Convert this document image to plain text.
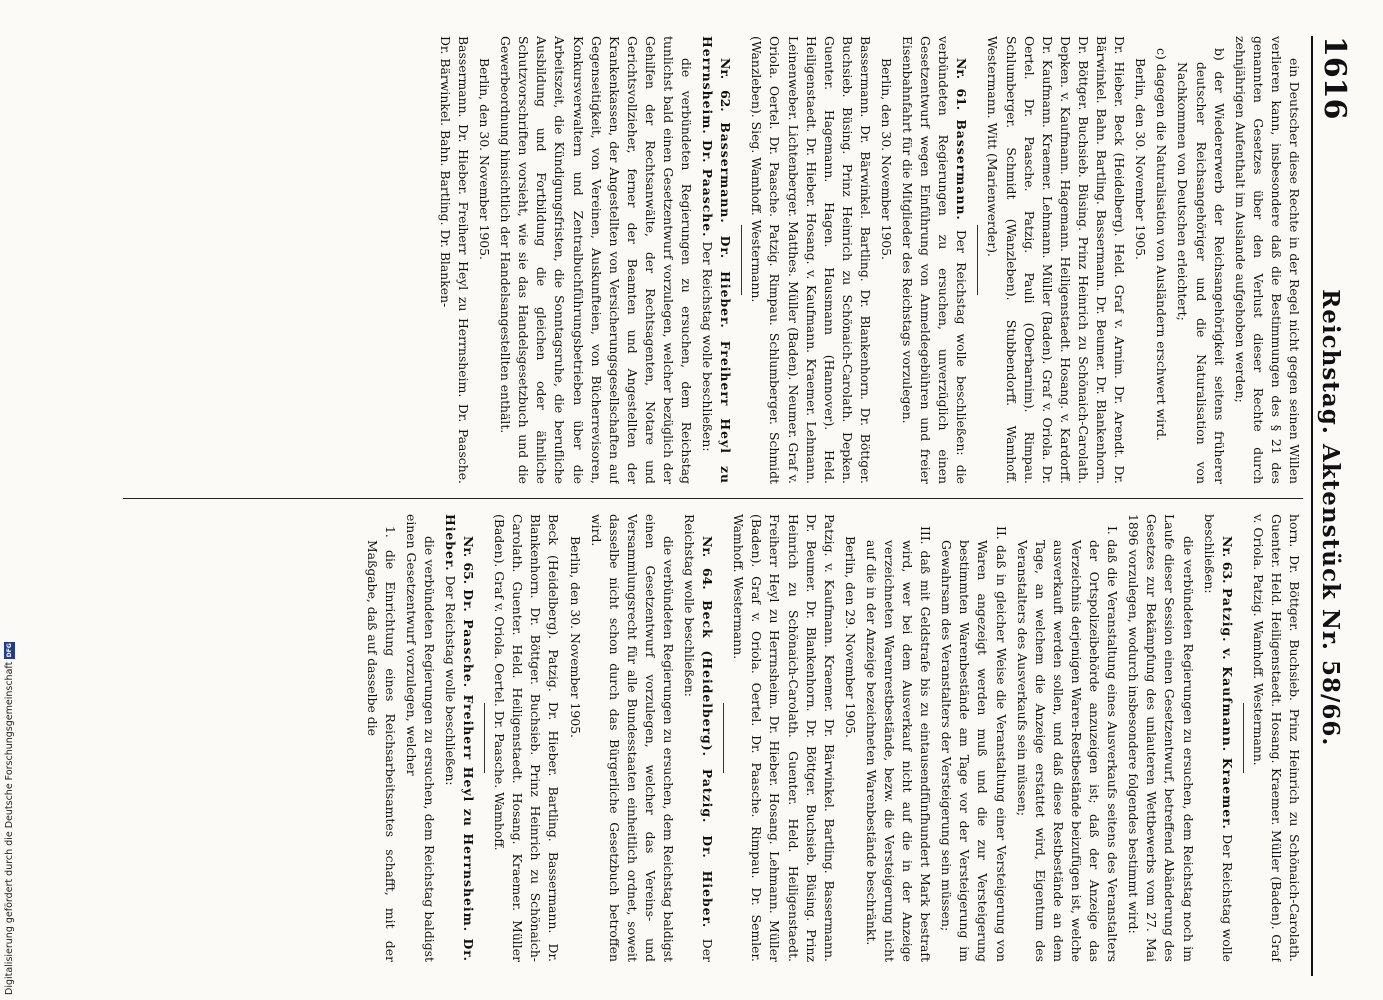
1616
Reichstag. Aktenstück Nr. 58/66.

ein Deutscher diese Rechte in der Regel nicht gegen seinen Willen verlieren kann, insbesondere daß die Bestimmungen des § 21 des genannten Gesetzes über den Verlust dieser Rechte durch zehnjährigen Aufenthalt im Auslande aufgehoben werden;

b) der Wiedererwerb der Reichsangehörigkeit seitens früherer deutscher Reichsangehöriger und die Naturalisation von Nachkommen von Deutschen erleichtert;

c) dagegen die Naturalisation von Ausländern erschwert wird.

Berlin, den 30. November 1905.

Dr. Hieber. Beck (Heidelberg). Held. Graf v. Arnim. Dr. Arendt. Dr. Bärwinkel. Bahn. Bartling. Bassermann. Dr. Beumer. Dr. Blankenhorn. Dr. Böttger. Buchsieb. Büsing. Prinz Heinrich zu Schönaich-Carolath. Depken. v. Kaufmann. Hagemann. Heiligenstaedt. Hosang. v. Kardorff. Dr. Kaufmann. Kraemer. Lehmann. Müller (Baden). Graf v. Oriola. Dr. Oertel. Dr. Paasche. Patzig. Pauli (Oberbarnim). Rimpau. Schlumberger. Schmidt (Wanzleben). Stubbendorff. Wamhoff. Westermann. Witt (Marienwerder).

Nr. 61. Bassermann. Der Reichstag wolle beschließen: die verbündeten Regierungen zu ersuchen, unverzüglich einen Gesetzentwurf wegen Einführung von Anmeldegebühren und freier Eisenbahnfahrt für die Mitglieder des Reichstags vorzulegen.

Berlin, den 30. November 1905.

Bassermann. Dr. Bärwinkel. Bartling. Dr. Blankenhorn. Dr. Böttger. Buchsieb. Büsing. Prinz Heinrich zu Schönaich-Carolath. Depken. Guenter. Hagemann. Hagen. Hausmann (Hannover). Held. Heiligenstaedt. Dr. Hieber. Hosang. v. Kaufmann. Kraemer. Lehmann. Leinenweber. Lichtenberger. Matthes. Müller (Baden). Neumer. Graf v. Oriola. Oertel. Dr. Paasche. Patzig. Rimpau. Schlumberger. Schmidt (Wanzleben). Sieg. Wamhoff. Westermann.

Nr. 62. Bassermann. Dr. Hieber. Freiherr Heyl zu Herrnsheim. Dr. Paasche. Der Reichstag wolle beschließen:

die verbündeten Regierungen zu ersuchen, dem Reichstag tunlichst bald einen Gesetzentwurf vorzulegen, welcher bezüglich der Gehilfen der Rechtsanwälte, der Rechtsagenten, Notare und Gerichtsvollzieher, ferner der Beamten und Angestellten der Krankenkassen, der Angestellten von Versicherungsgesellschaften auf Gegenseitigkeit, von Vereinen, Auskunfteien, von Bücherrevisoren, Konkursverwaltern und Zentralbuchführungsbetrieben über die Arbeitszeit, die Kündigungsfristen, die Sonntagsruhe, die berufliche Ausbildung und Fortbildung die gleichen oder ähnliche Schutzvorschriften vorsieht, wie sie das Handelsgesetzbuch und die Gewerbeordnung hinsichtlich der Handelsangestellten enthält.

Berlin, den 30. November 1905.

Bassermann. Dr. Hieber. Freiherr Heyl zu Herrnsheim. Dr. Paasche. Dr. Bärwinkel. Bahn. Bartling. Dr. Blanken-

horn. Dr. Böttger. Buchsieb. Prinz Heinrich zu Schönaich-Carolath. Guenter. Held. Heiligenstaedt. Hosang. Kraemer. Müller (Baden). Graf v. Oriola. Patzig. Wamhoff. Westermann.

Nr. 63. Patzig. v. Kaufmann. Kraemer. Der Reichstag wolle beschließen:

die verbündeten Regierungen zu ersuchen, dem Reichstag noch im Laufe dieser Session einen Gesetzentwurf, betreffend Abänderung des Gesetzes zur Bekämpfung des unlauteren Wettbewerbs vom 27. Mai 1896 vorzulegen, wodurch insbesondere folgendes bestimmt wird:

I. daß die Veranstaltung eines Ausverkaufs seitens des Veranstalters der Ortspolizeibehörde anzuzeigen ist; daß der Anzeige das Verzeichnis derjenigen Waren-Restbestände beizufügen ist, welche ausverkauft werden sollen, und daß diese Restbestände an dem Tage, an welchem die Anzeige erstattet wird, Eigentum des Veranstalters des Ausverkaufs sein müssen;

II. daß in gleicher Weise die Veranstaltung einer Versteigerung von Waren angezeigt werden muß und die zur Versteigerung bestimmten Warenbestände am Tage vor der Versteigerung im Gewahrsam des Veranstalters der Versteigerung sein müssen;

III. daß mit Geldstrafe bis zu eintausendfünfhundert Mark bestraft wird, wer bei dem Ausverkauf nicht auf die in der Anzeige verzeichneten Warenrestbestände, bezw. die Versteigerung nicht auf die in der Anzeige bezeichneten Warenbestände beschränkt.

Berlin, den 29. November 1905.

Patzig. v. Kaufmann. Kraemer. Dr. Bärwinkel. Bartling. Bassermann. Dr. Beumer. Dr. Blankenhorn. Dr. Böttger. Buchsieb. Büsing. Prinz Heinrich zu Schönaich-Carolath. Guenter. Held. Heiligenstaedt. Freiherr Heyl zu Herrnsheim. Dr. Hieber. Hosang. Lehmann. Müller (Baden). Graf v. Oriola. Oertel. Dr. Paasche. Rimpau. Dr. Semler. Wamhoff. Westermann.

Nr. 64. Beck (Heidelberg). Patzig. Dr. Hieber. Der Reichstag wolle beschließen:

die verbündeten Regierungen zu ersuchen, dem Reichstag baldigst einen Gesetzentwurf vorzulegen, welcher das Vereins- und Versammlungsrecht für alle Bundesstaaten einheitlich ordnet, soweit dasselbe nicht schon durch das Bürgerliche Gesetzbuch betroffen wird.

Berlin, den 30. November 1905.

Beck (Heidelberg). Patzig. Dr. Hieber. Bartling. Bassermann. Dr. Blankenhorn. Dr. Böttger. Buchsieb. Prinz Heinrich zu Schönaich-Carolath. Guenter. Held. Heiligenstaedt. Hosang. Kraemer. Müller (Baden). Graf v. Oriola. Oertel. Dr. Paasche. Wamhoff.

Nr. 65. Dr. Paasche. Freiherr Heyl zu Herrnsheim. Dr. Hieber. Der Reichstag wolle beschließen:

die verbündeten Regierungen zu ersuchen, dem Reichstag baldigst einen Gesetzentwurf vorzulegen, welcher

1. die Einrichtung eines Reichsarbeitsamtes schafft, mit der Maßgabe, daß auf dasselbe die

Digitalisierung gefördert durch die Deutsche Forschungsgemeinschaft
DFG
